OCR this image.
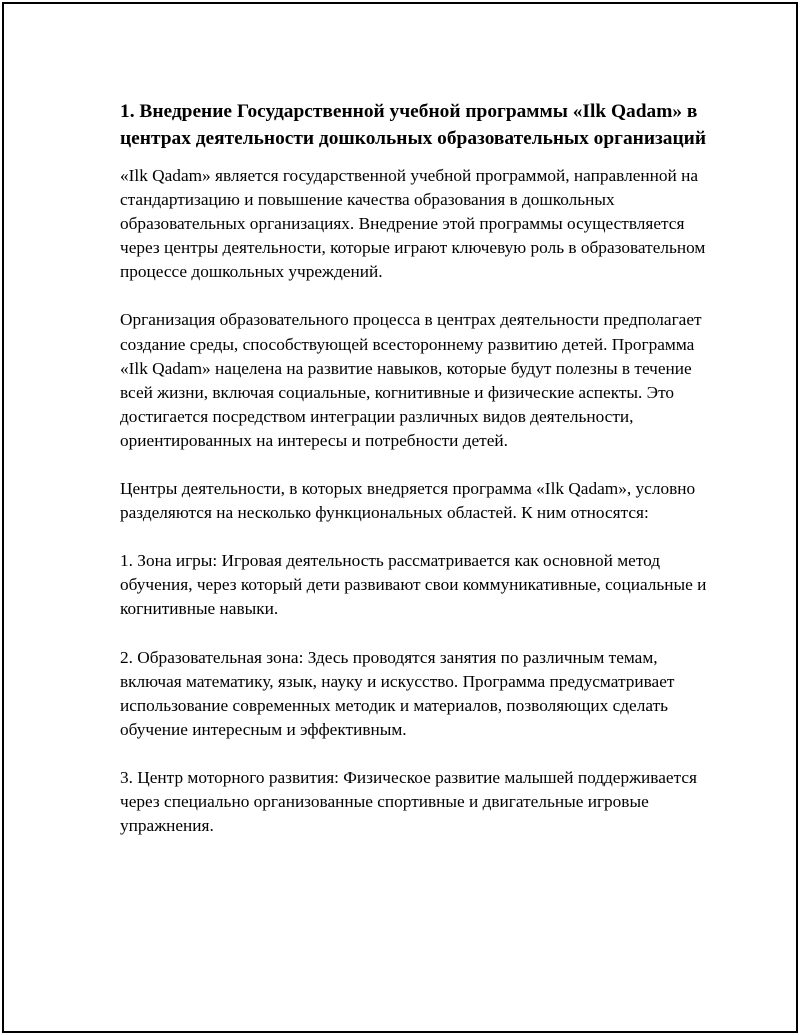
1. Внедрение Государственной учебной программы «Ilk Qadam» в центрах деятельности дошкольных образовательных организаций

«Ilk Qadam» является государственной учебной программой, направленной на стандартизацию и повышение качества образования в дошкольных образовательных организациях. Внедрение этой программы осуществляется через центры деятельности, которые играют ключевую роль в образовательном процессе дошкольных учреждений.

Организация образовательного процесса в центрах деятельности предполагает создание среды, способствующей всестороннему развитию детей. Программа «Ilk Qadam» нацелена на развитие навыков, которые будут полезны в течение всей жизни, включая социальные, когнитивные и физические аспекты. Это достигается посредством интеграции различных видов деятельности, ориентированных на интересы и потребности детей.

Центры деятельности, в которых внедряется программа «Ilk Qadam», условно разделяются на несколько функциональных областей. К ним относятся:

1. Зона игры: Игровая деятельность рассматривается как основной метод обучения, через который дети развивают свои коммуникативные, социальные и когнитивные навыки.

2. Образовательная зона: Здесь проводятся занятия по различным темам, включая математику, язык, науку и искусство. Программа предусматривает использование современных методик и материалов, позволяющих сделать обучение интересным и эффективным.

3. Центр моторного развития: Физическое развитие малышей поддерживается через специально организованные спортивные и двигательные игровые упражнения.
